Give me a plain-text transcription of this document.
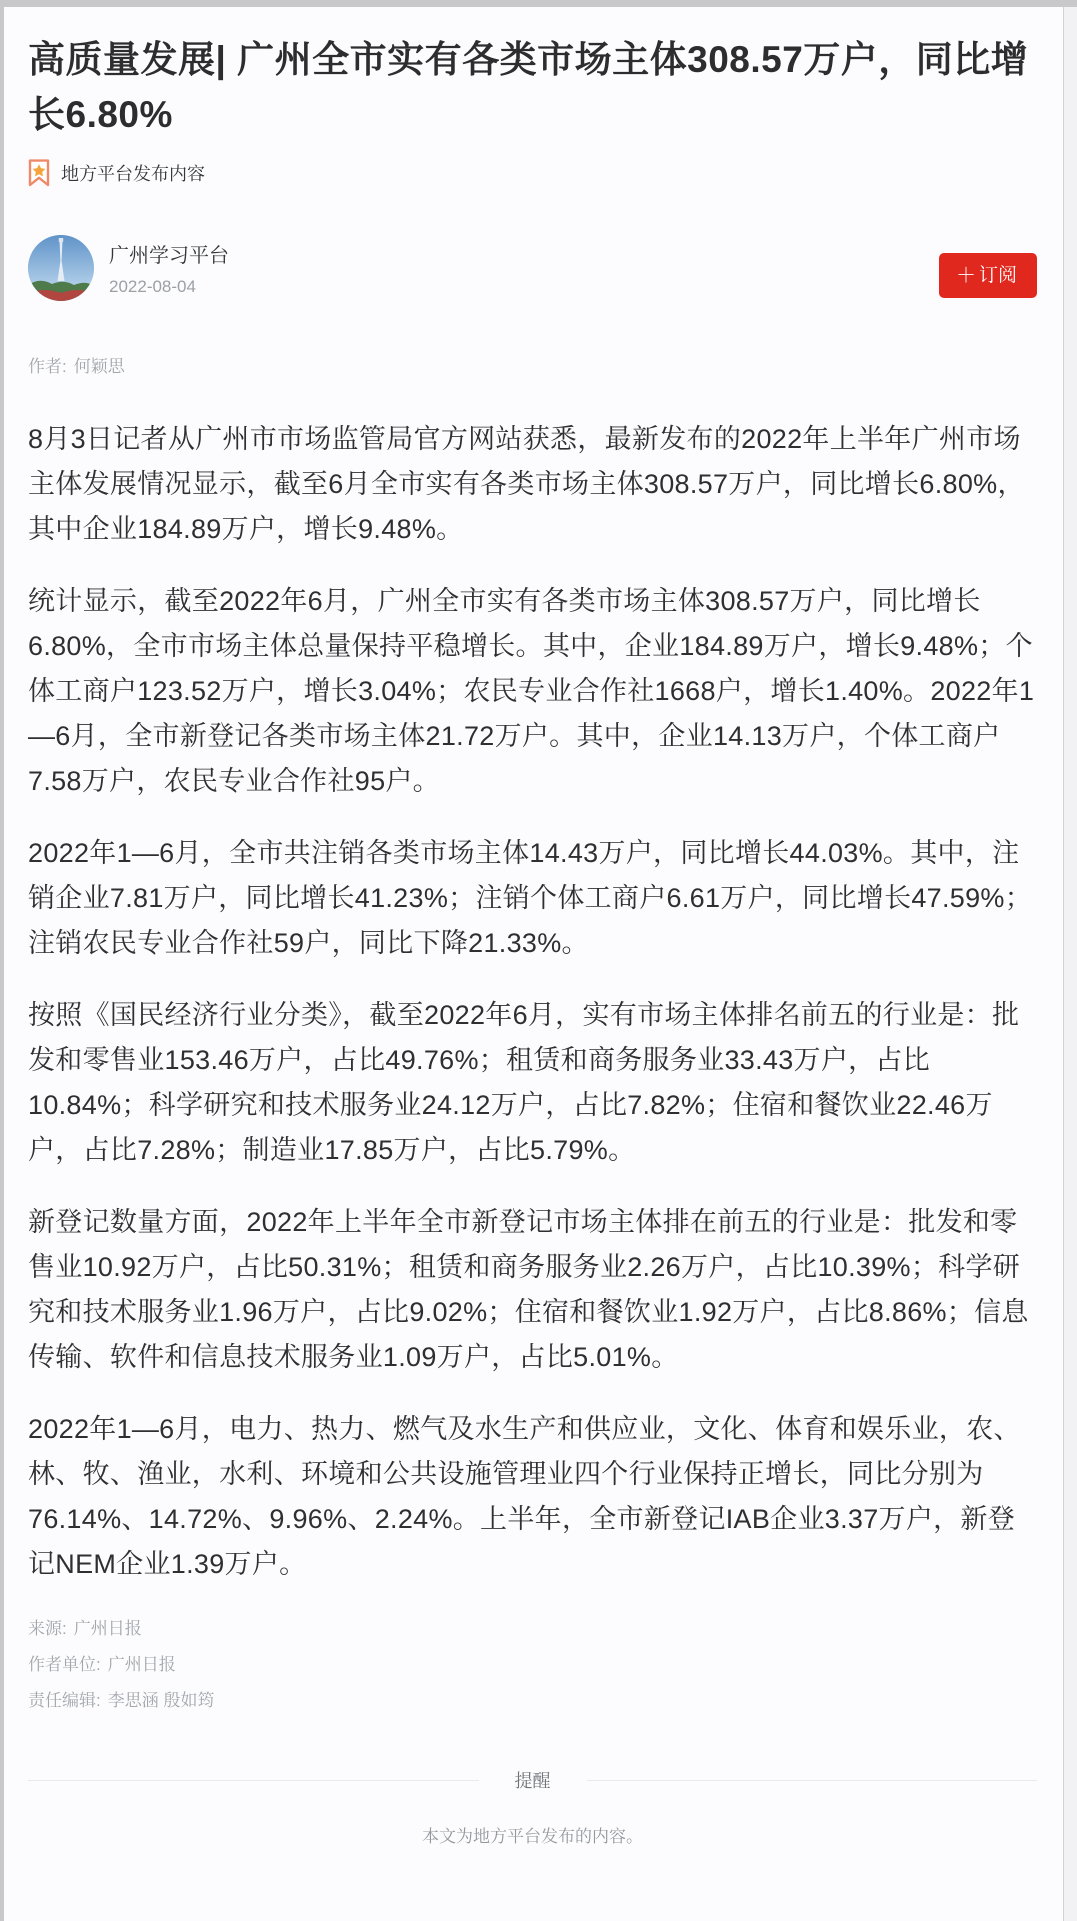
高质量发展| 广州全市实有各类市场主体308.57万户，同比增长6.80%
地方平台发布内容
广州学习平台
2022-08-04	＋ 订阅
作者: 何颖思

8月3日记者从广州市市场监管局官方网站获悉，最新发布的2022年上半年广州市场主体发展情况显示，截至6月全市实有各类市场主体308.57万户，同比增长6.80%，其中企业184.89万户，增长9.48%。

统计显示，截至2022年6月，广州全市实有各类市场主体308.57万户，同比增长6.80%，全市市场主体总量保持平稳增长。其中，企业184.89万户，增长9.48%；个体工商户123.52万户，增长3.04%；农民专业合作社1668户，增长1.40%。2022年1—6月，全市新登记各类市场主体21.72万户。其中，企业14.13万户，个体工商户7.58万户，农民专业合作社95户。

2022年1—6月，全市共注销各类市场主体14.43万户，同比增长44.03%。其中，注销企业7.81万户，同比增长41.23%；注销个体工商户6.61万户，同比增长47.59%；注销农民专业合作社59户，同比下降21.33%。

按照《国民经济行业分类》，截至2022年6月，实有市场主体排名前五的行业是：批发和零售业153.46万户，占比49.76%；租赁和商务服务业33.43万户，占比10.84%；科学研究和技术服务业24.12万户，占比7.82%；住宿和餐饮业22.46万户，占比7.28%；制造业17.85万户，占比5.79%。

新登记数量方面，2022年上半年全市新登记市场主体排在前五的行业是：批发和零售业10.92万户，占比50.31%；租赁和商务服务业2.26万户，占比10.39%；科学研究和技术服务业1.96万户，占比9.02%；住宿和餐饮业1.92万户，占比8.86%；信息传输、软件和信息技术服务业1.09万户，占比5.01%。

2022年1—6月，电力、热力、燃气及水生产和供应业，文化、体育和娱乐业，农、林、牧、渔业，水利、环境和公共设施管理业四个行业保持正增长，同比分别为76.14%、14.72%、9.96%、2.24%。上半年，全市新登记IAB企业3.37万户，新登记NEM企业1.39万户。

来源: 广州日报
作者单位: 广州日报
责任编辑: 李思涵 殷如筠
提醒
本文为地方平台发布的内容。
